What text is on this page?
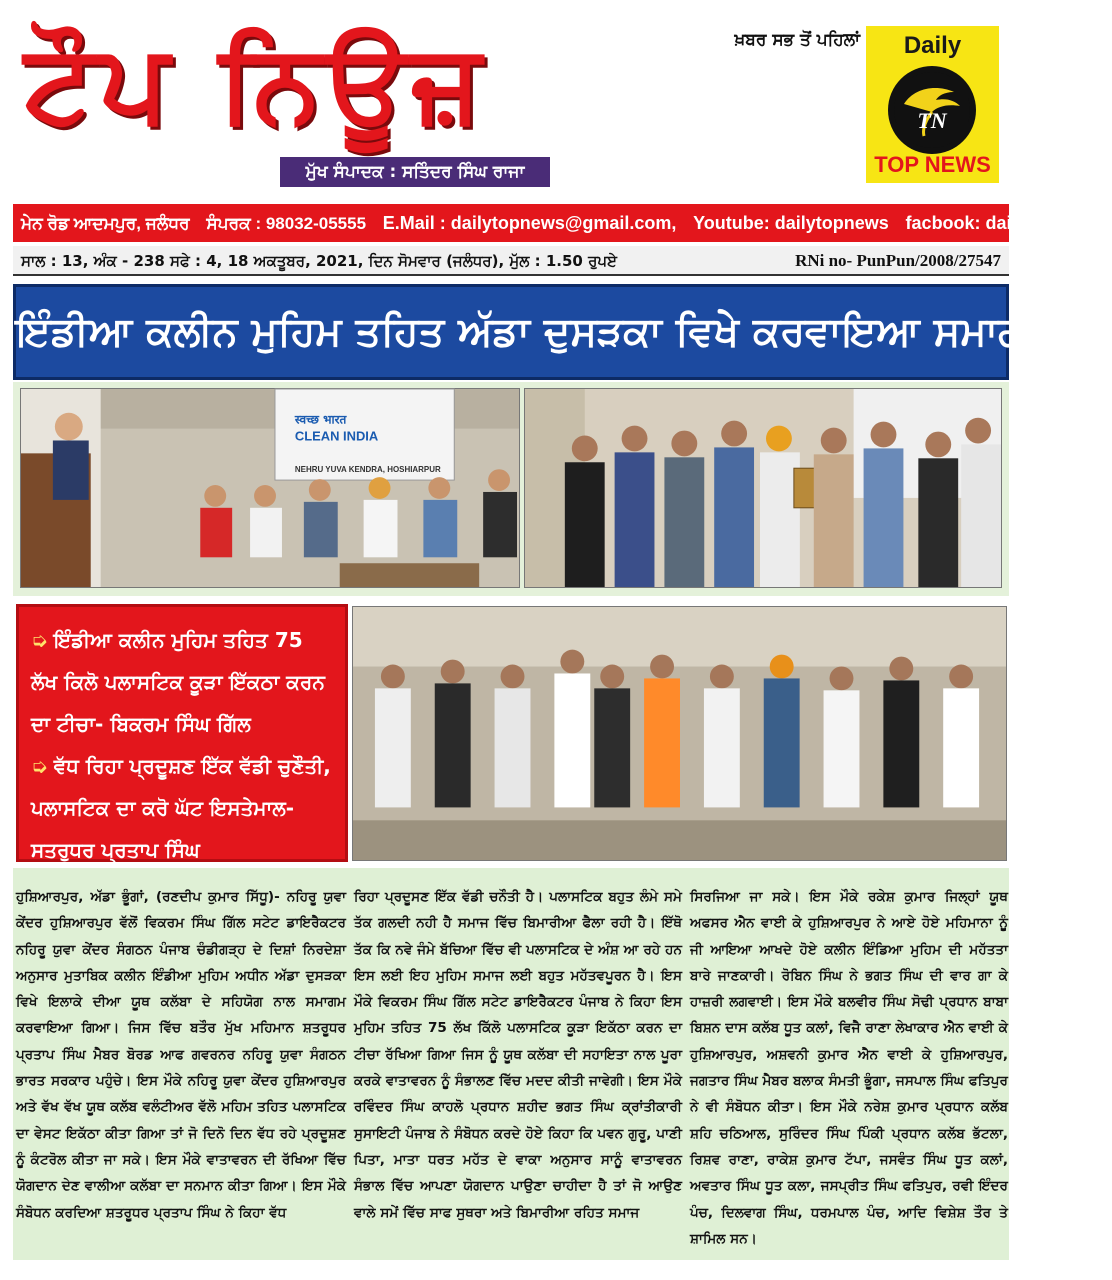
ਟੌਪ ਨਿਊਜ਼	ਖ਼ਬਰ ਸਭ ਤੋਂ ਪਹਿਲਾਂ
ਮੁੱਖ ਸੰਪਾਦਕ : ਸਤਿੰਦਰ ਸਿੰਘ ਰਾਜਾ
Daily
TN
TOP NEWS
ਮੇਨ ਰੋਡ ਆਦਮਪੁਰ, ਜਲੰਧਰ ਸੰਪਰਕ : 98032-05555 E.Mail : dailytopnews@gmail.com, Youtube: dailytopnews facbook: dailytopnews
ਸਾਲ : 13, ਅੰਕ - 238 ਸਫੇ : 4, 18 ਅਕਤੂਬਰ, 2021, ਦਿਨ ਸੋਮਵਾਰ (ਜਲੰਧਰ), ਮੁੱਲ : 1.50 ਰੁਪਏ	RNi no- PunPun/2008/27547
ਇੰਡੀਆ ਕਲੀਨ ਮੁਹਿਮ ਤਹਿਤ ਅੱਡਾ ਦੁਸੜਕਾ ਵਿਖੇ ਕਰਵਾਇਆ ਸਮਾਗਮ
स्वच्छ भारत
CLEAN INDIA
NEHRU YUVA KENDRA, HOSHIARPUR
➭ ਇੰਡੀਆ ਕਲੀਨ ਮੁਹਿਮ ਤਹਿਤ 75 ਲੱਖ ਕਿਲੋ ਪਲਾਸਟਿਕ ਕੂੜਾ ਇੱਕਠਾ ਕਰਨ ਦਾ ਟੀਚਾ- ਬਿਕਰਮ ਸਿੰਘ ਗਿੱਲ
➭ ਵੱਧ ਰਿਹਾ ਪ੍ਰਦੂਸ਼ਣ ਇੱਕ ਵੱਡੀ ਚੁਣੌਤੀ, ਪਲਾਸਟਿਕ ਦਾ ਕਰੋ ਘੱਟ ਇਸਤੇਮਾਲ- ਸਤਰੁਧਰ ਪ੍ਰਤਾਪ ਸਿੰਘ

ਹੁਸ਼ਿਆਰਪੁਰ, ਅੱਡਾ ਭੂੰਗਾਂ, (ਰਣਦੀਪ ਕੁਮਾਰ ਸਿੱਧੂ)- ਨਹਿਰੂ ਯੁਵਾ ਕੇਂਦਰ ਹੁਸ਼ਿਆਰਪੁਰ ਵੱਲੋਂ ਵਿਕਰਮ ਸਿੰਘ ਗਿੱਲ ਸਟੇਟ ਡਾਇਰੈਕਟਰ ਨਹਿਰੂ ਯੁਵਾ ਕੇਂਦਰ ਸੰਗਠਨ ਪੰਜਾਬ ਚੰਡੀਗੜ੍ਹ ਦੇ ਦਿਸ਼ਾਂ ਨਿਰਦੇਸ਼ਾ ਅਨੁਸਾਰ ਮੁਤਾਬਿਕ ਕਲੀਨ ਇੰਡੀਆ ਮੁਹਿਮ ਅਧੀਨ ਅੱਡਾ ਦੁਸੜਕਾ ਵਿਖੇ ਇਲਾਕੇ ਦੀਆ ਯੂਥ ਕਲੱਬਾ ਦੇ ਸਹਿਯੋਗ ਨਾਲ ਸਮਾਗਮ ਕਰਵਾਇਆ ਗਿਆ। ਜਿਸ ਵਿੱਚ ਬਤੌਰ ਮੁੱਖ ਮਹਿਮਾਨ ਸ਼ਤਰੂਧਰ ਪ੍ਰਤਾਪ ਸਿੰਘ ਮੈਬਰ ਬੋਰਡ ਆਫ ਗਵਰਨਰ ਨਹਿਰੂ ਯੁਵਾ ਸੰਗਠਨ ਭਾਰਤ ਸਰਕਾਰ ਪਹੁੰਚੇ। ਇਸ ਮੌਕੇ ਨਹਿਰੂ ਯੁਵਾ ਕੇਂਦਰ ਹੁਸ਼ਿਆਰਪੁਰ ਅਤੇ ਵੱਖ ਵੱਖ ਯੂਥ ਕਲੱਬ ਵਲੰਟੀਅਰ ਵੱਲੋ ਮਹਿਮ ਤਹਿਤ ਪਲਾਸਟਿਕ ਦਾ ਵੇਸਟ ਇਕੱਠਾ ਕੀਤਾ ਗਿਆ ਤਾਂ ਜੋ ਦਿਨੋ ਦਿਨ ਵੱਧ ਰਹੇ ਪ੍ਰਦੂਸ਼ਣ ਨੂੰ ਕੰਟਰੋਲ ਕੀਤਾ ਜਾ ਸਕੇ। ਇਸ ਮੌਕੇ ਵਾਤਾਵਰਨ ਦੀ ਰੱਖਿਆ ਵਿੱਚ ਯੋਗਦਾਨ ਦੇਣ ਵਾਲੀਆ ਕਲੱਬਾ ਦਾ ਸਨਮਾਨ ਕੀਤਾ ਗਿਆ। ਇਸ ਮੌਕੇ ਸੰਬੋਧਨ ਕਰਦਿਆ ਸ਼ਤਰੂਧਰ ਪ੍ਰਤਾਪ ਸਿੰਘ ਨੇ ਕਿਹਾ ਵੱਧ

ਰਿਹਾ ਪ੍ਰਦੂਸਣ ਇੱਕ ਵੱਡੀ ਚਨੌਤੀ ਹੈ। ਪਲਾਸਟਿਕ ਬਹੁਤ ਲੰਮੇ ਸਮੇ ਤੱਕ ਗਲਦੀ ਨਹੀ ਹੈ ਸਮਾਜ ਵਿੱਚ ਬਿਮਾਰੀਆ ਫੈਲਾ ਰਹੀ ਹੈ। ਇੱਥੋ ਤੱਕ ਕਿ ਨਵੇ ਜੰਮੇ ਬੱਚਿਆ ਵਿੱਚ ਵੀ ਪਲਾਸਟਿਕ ਦੇ ਅੰਸ਼ ਆ ਰਹੇ ਹਨ ਇਸ ਲਈ ਇਹ ਮੁਹਿਮ ਸਮਾਜ ਲਈ ਬਹੁਤ ਮਹੱਤਵਪੂਰਨ ਹੈ। ਇਸ ਮੌਕੇ ਵਿਕਰਮ ਸਿੰਘ ਗਿੱਲ ਸਟੇਟ ਡਾਇਰੈਕਟਰ ਪੰਜਾਬ ਨੇ ਕਿਹਾ ਇਸ ਮੁਹਿਮ ਤਹਿਤ 75 ਲੱਖ ਕਿੱਲੋ ਪਲਾਸਟਿਕ ਕੂੜਾ ਇਕੱਠਾ ਕਰਨ ਦਾ ਟੀਚਾ ਰੱਖਿਆ ਗਿਆ ਜਿਸ ਨੂੰ ਯੂਥ ਕਲੱਬਾ ਦੀ ਸਹਾਇਤਾ ਨਾਲ ਪੂਰਾ ਕਰਕੇ ਵਾਤਾਵਰਨ ਨੂੰ ਸੰਭਾਲਣ ਵਿੱਚ ਮਦਦ ਕੀਤੀ ਜਾਵੇਗੀ। ਇਸ ਮੌਕੇ ਰਵਿੰਦਰ ਸਿੰਘ ਕਾਹਲੋ ਪ੍ਰਧਾਨ ਸ਼ਹੀਦ ਭਗਤ ਸਿੰਘ ਕ੍ਰਾਂਤੀਕਾਰੀ ਸੁਸਾਇਟੀ ਪੰਜਾਬ ਨੇ ਸੰਬੋਧਨ ਕਰਦੇ ਹੋਏ ਕਿਹਾ ਕਿ ਪਵਨ ਗੁਰੂ, ਪਾਣੀ ਪਿਤਾ, ਮਾਤਾ ਧਰਤ ਮਹੱਤ ਦੇ ਵਾਕਾ ਅਨੁਸਾਰ ਸਾਨੂੰ ਵਾਤਾਵਰਨ ਸੰਭਾਲ ਵਿੱਚ ਆਪਣਾ ਯੋਗਦਾਨ ਪਾਉਣਾ ਚਾਹੀਦਾ ਹੈ ਤਾਂ ਜੋ ਆਉਣ ਵਾਲੇ ਸਮੇਂ ਵਿੱਚ ਸਾਫ ਸੁਥਰਾ ਅਤੇ ਬਿਮਾਰੀਆ ਰਹਿਤ ਸਮਾਜ

ਸਿਰਜਿਆ ਜਾ ਸਕੇ। ਇਸ ਮੌਕੇ ਰਕੇਸ਼ ਕੁਮਾਰ ਜਿਲ੍ਹਾਂ ਯੂਥ ਅਫਸਰ ਐਨ ਵਾਈ ਕੇ ਹੁਸ਼ਿਆਰਪੁਰ ਨੇ ਆਏ ਹੋਏ ਮਹਿਮਾਨਾ ਨੂੰ ਜੀ ਆਇਆ ਆਖਦੇ ਹੋਏ ਕਲੀਨ ਇੰਡਿਆ ਮੁਹਿਮ ਦੀ ਮਹੱਤਤਾ ਬਾਰੇ ਜਾਣਕਾਰੀ। ਰੋਬਿਨ ਸਿੰਘ ਨੇ ਭਗਤ ਸਿੰਘ ਦੀ ਵਾਰ ਗਾ ਕੇ ਹਾਜ਼ਰੀ ਲਗਵਾਈ। ਇਸ ਮੌਕੇ ਬਲਵੀਰ ਸਿੰਘ ਸੋਢੀ ਪ੍ਰਧਾਨ ਬਾਬਾ ਬਿਸ਼ਨ ਦਾਸ ਕਲੱਬ ਧੂਤ ਕਲਾਂ, ਵਿਜੈ ਰਾਣਾ ਲੇਖਾਕਾਰ ਐਨ ਵਾਈ ਕੇ ਹੁਸ਼ਿਆਰਪੁਰ, ਅਸ਼ਵਨੀ ਕੁਮਾਰ ਐਨ ਵਾਈ ਕੇ ਹੁਸ਼ਿਆਰਪੁਰ, ਜਗਤਾਰ ਸਿੰਘ ਮੈਬਰ ਬਲਾਕ ਸੰਮਤੀ ਭੂੰਗਾ, ਜਸਪਾਲ ਸਿੰਘ ਫਤਿਪੁਰ ਨੇ ਵੀ ਸੰਬੋਧਨ ਕੀਤਾ। ਇਸ ਮੌਕੇ ਨਰੇਸ਼ ਕੁਮਾਰ ਪ੍ਰਧਾਨ ਕਲੱਬ ਸ਼ਹਿ ਚਠਿਆਲ, ਸੁਰਿੰਦਰ ਸਿੰਘ ਪਿੰਕੀ ਪ੍ਰਧਾਨ ਕਲੱਬ ਭੱਟਲਾ, ਰਿਸ਼ਵ ਰਾਣਾ, ਰਾਕੇਸ਼ ਕੁਮਾਰ ਟੱਪਾ, ਜਸਵੰਤ ਸਿੰਘ ਧੂਤ ਕਲਾਂ, ਅਵਤਾਰ ਸਿੰਘ ਧੂਤ ਕਲਾ, ਜਸਪ੍ਰੀਤ ਸਿੰਘ ਫਤਿਪੁਰ, ਰਵੀ ਇੰਦਰ ਪੰਚ, ਦਿਲਵਾਗ ਸਿੰਘ, ਧਰਮਪਾਲ ਪੰਚ, ਆਦਿ ਵਿਸ਼ੇਸ਼ ਤੌਰ ਤੇ ਸ਼ਾਮਿਲ ਸਨ।
